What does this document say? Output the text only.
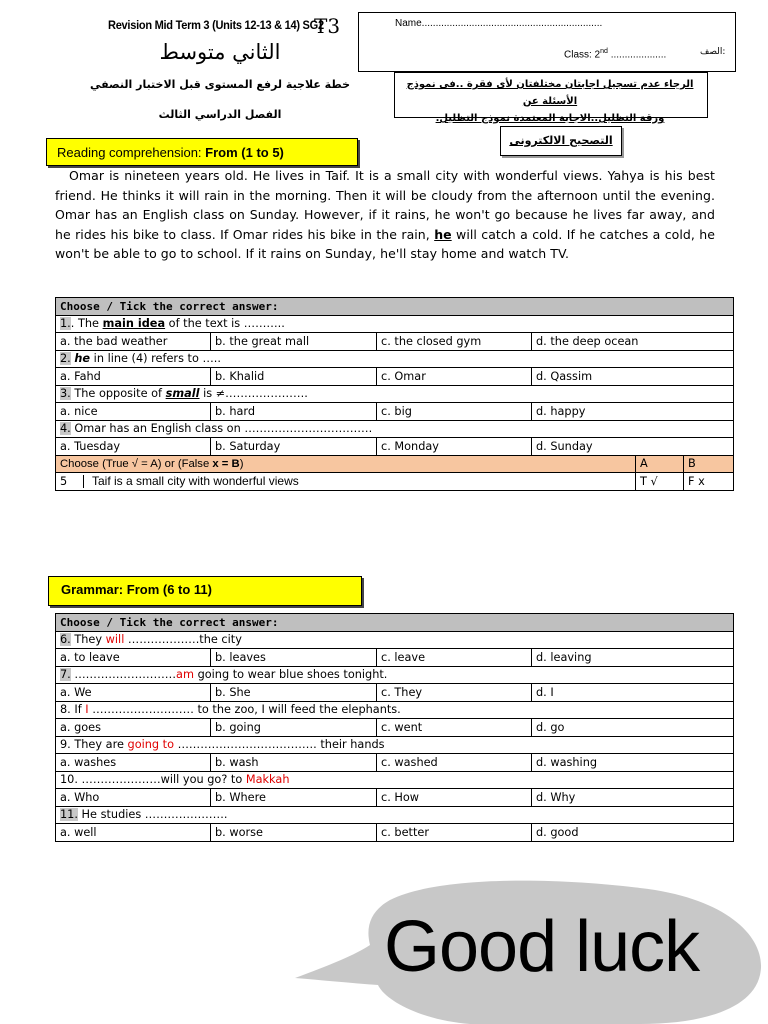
Revision Mid Term 3 (Units 12-13 & 14) SG2
T3
الثاني متوسط
خطة علاجية لرفع المستوى قبل الاختبار النصفي
الفصل الدراسي الثالث
Name.................................................................
Class: 2nd ....................	الصف:
الرجاء عدم تسجيل اجابتان مختلفتان لأى فقرة ..فى نموذج الأسئلة عن
ورقة التظليل..الاجابة المعتمدة نموذج التظليل.
التصحيح الالكترونى
Reading comprehension: From (1 to 5)

Omar is nineteen years old. He lives in Taif. It is a small city with wonderful views. Yahya is his best friend. He thinks it will rain in the morning. Then it will be cloudy from the afternoon until the evening. Omar has an English class on Sunday. However, if it rains, he won't go because he lives far away, and he rides his bike to class. If Omar rides his bike in the rain, he will catch a cold. If he catches a cold, he won't be able to go to school. If it rains on Sunday, he'll stay home and watch TV.

Choose / Tick the correct answer:					
1.. The main idea of the text is ………..					
a. the bad weather	b. the great mall	c. the closed gym	d. the deep ocean		
2. he in line (4) refers to …..					
a. Fahd	b. Khalid	c. Omar	d. Qassim		
3. The opposite of small is ≠………………….					
a. nice	b. hard	c. big	d. happy		
4. Omar has an English class on …………………………….					
a. Tuesday	b. Saturday	c. Monday	d. Sunday		
Choose (True √ = A) or (False x = B)				A	B
5 Taif is a small city with wonderful views				T √	F x
Grammar: From (6 to 11)
Choose / Tick the correct answer:			
6. They will ……………….the city			
a. to leave	b. leaves	c. leave	d. leaving
7. ………………………am going to wear blue shoes tonight.			
a. We	b. She	c. They	d. I
8. If I ……………………… to the zoo, I will feed the elephants.			
a. goes	b. going	c. went	d. go
9. They are going to ………………………………. their hands			
a. washes	b. wash	c. washed	d. washing
10. …………………will you go? to Makkah			
a. Who	b. Where	c. How	d. Why
11. He studies ………………….			
a. well	b. worse	c. better	d. good
Good luck
